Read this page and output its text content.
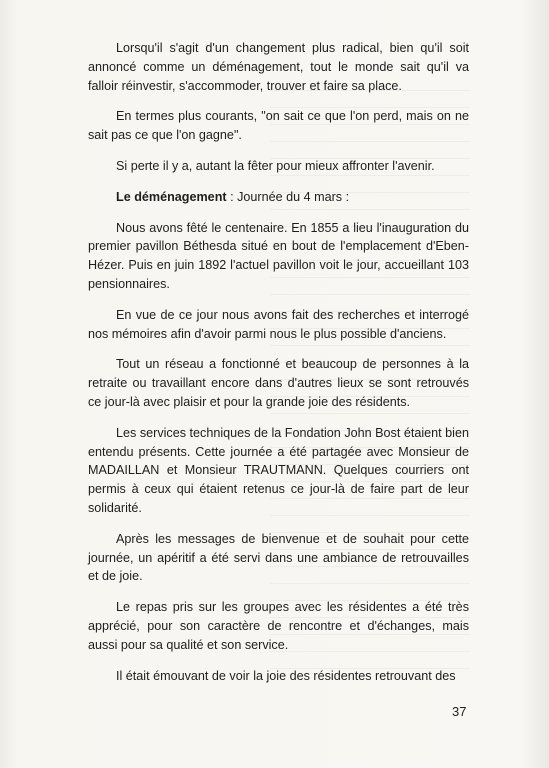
Lorsqu'il s'agit d'un changement plus radical, bien qu'il soit annoncé comme un déménagement, tout le monde sait qu'il va falloir réinvestir, s'accommoder, trouver et faire sa place.

En termes plus courants, "on sait ce que l'on perd, mais on ne sait pas ce que l'on gagne".

Si perte il y a, autant la fêter pour mieux affronter l'avenir.

Le déménagement : Journée du 4 mars :

Nous avons fêté le centenaire. En 1855 a lieu l'inauguration du premier pavillon Béthesda situé en bout de l'emplacement d'Eben-Hézer. Puis en juin 1892 l'actuel pavillon voit le jour, accueillant 103 pensionnaires.

En vue de ce jour nous avons fait des recherches et interrogé nos mémoires afin d'avoir parmi nous le plus possible d'anciens.

Tout un réseau a fonctionné et beaucoup de personnes à la retraite ou travaillant encore dans d'autres lieux se sont retrouvés ce jour-là avec plaisir et pour la grande joie des résidents.

Les services techniques de la Fondation John Bost étaient bien entendu présents. Cette journée a été partagée avec Monsieur de MADAILLAN et Monsieur TRAUTMANN. Quelques courriers ont permis à ceux qui étaient retenus ce jour-là de faire part de leur solidarité.

Après les messages de bienvenue et de souhait pour cette journée, un apéritif a été servi dans une ambiance de retrouvailles et de joie.

Le repas pris sur les groupes avec les résidentes a été très apprécié, pour son caractère de rencontre et d'échanges, mais aussi pour sa qualité et son service.

Il était émouvant de voir la joie des résidentes retrouvant des

37
